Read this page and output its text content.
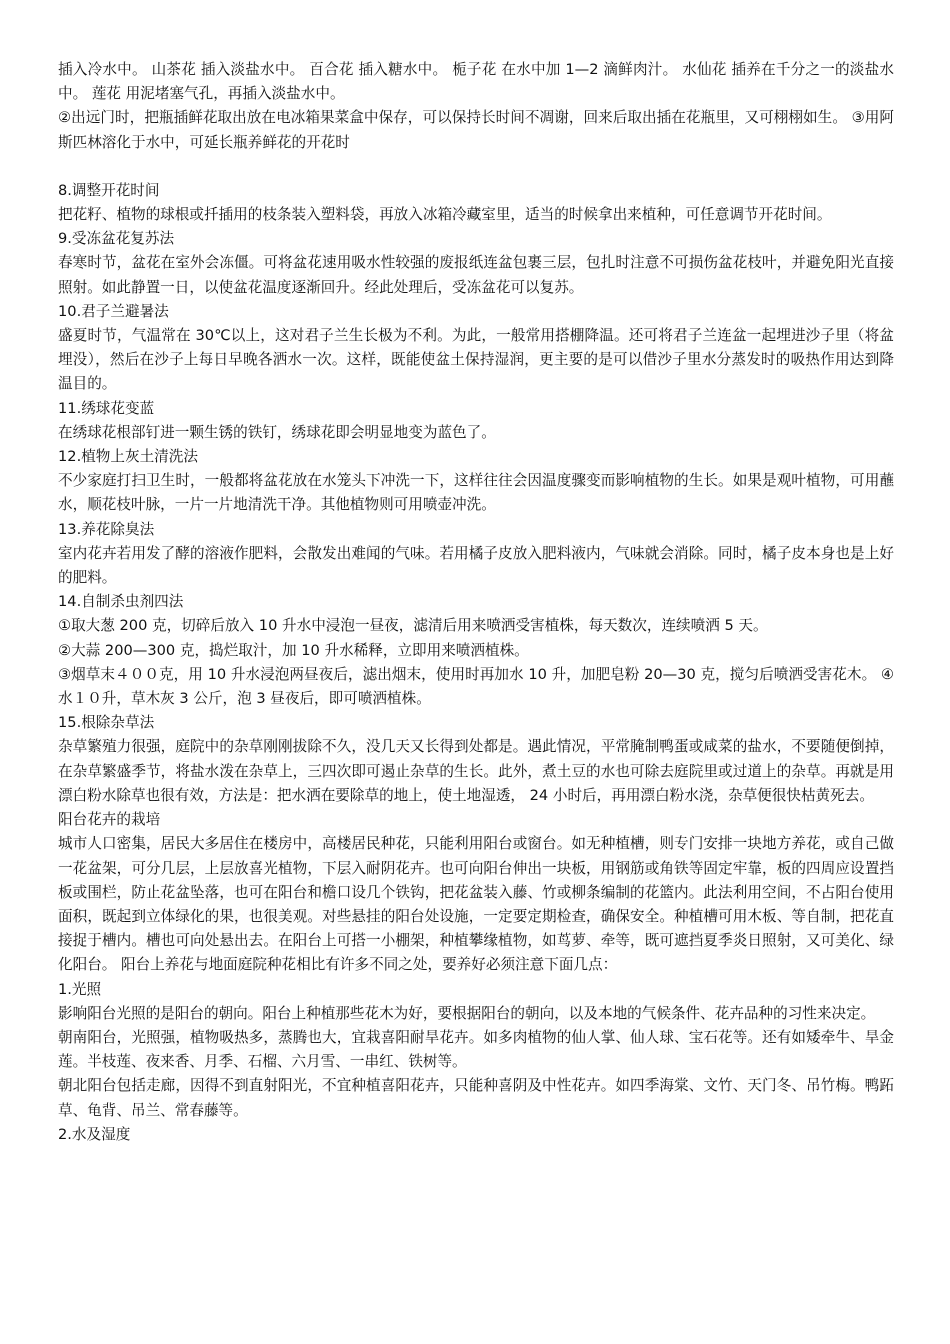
插入冷水中。 山茶花 插入淡盐水中。 百合花 插入糖水中。 栀子花 在水中加 1—2 滴鲜肉汁。 水仙花 插养在千分之一的淡盐水中。 莲花 用泥堵塞气孔，再插入淡盐水中。

②出远门时，把瓶插鲜花取出放在电冰箱果菜盒中保存，可以保持长时间不凋谢，回来后取出插在花瓶里，又可栩栩如生。 ③用阿斯匹林溶化于水中，可延长瓶养鲜花的开花时

8.调整开花时间

把花籽、植物的球根或扦插用的枝条装入塑料袋，再放入冰箱冷藏室里，适当的时候拿出来植种，可任意调节开花时间。

9.受冻盆花复苏法

春寒时节，盆花在室外会冻僵。可将盆花速用吸水性较强的废报纸连盆包裹三层，包扎时注意不可损伤盆花枝叶，并避免阳光直接照射。如此静置一日，以使盆花温度逐渐回升。经此处理后，受冻盆花可以复苏。

10.君子兰避暑法

盛夏时节，气温常在 30℃以上，这对君子兰生长极为不利。为此，一般常用搭棚降温。还可将君子兰连盆一起埋进沙子里（将盆埋没），然后在沙子上每日早晚各洒水一次。这样，既能使盆土保持湿润，更主要的是可以借沙子里水分蒸发时的吸热作用达到降温目的。

11.绣球花变蓝

在绣球花根部钉进一颗生锈的铁钉，绣球花即会明显地变为蓝色了。

12.植物上灰土清洗法

不少家庭打扫卫生时，一般都将盆花放在水笼头下冲洗一下，这样往往会因温度骤变而影响植物的生长。如果是观叶植物，可用蘸水，顺花枝叶脉，一片一片地清洗干净。其他植物则可用喷壶冲洗。

13.养花除臭法

室内花卉若用发了酵的溶液作肥料，会散发出难闻的气味。若用橘子皮放入肥料液内，气味就会消除。同时，橘子皮本身也是上好的肥料。

14.自制杀虫剂四法

①取大葱 200 克，切碎后放入 10 升水中浸泡一昼夜，滤清后用来喷洒受害植株，每天数次，连续喷洒 5 天。

②大蒜 200—300 克，捣烂取汁，加 10 升水稀释，立即用来喷洒植株。

③烟草末４００克，用 10 升水浸泡两昼夜后，滤出烟末，使用时再加水 10 升，加肥皂粉 20—30 克，搅匀后喷洒受害花木。 ④水１０升，草木灰 3 公斤，泡 3 昼夜后，即可喷洒植株。

15.根除杂草法

杂草繁殖力很强，庭院中的杂草刚刚拔除不久，没几天又长得到处都是。遇此情况，平常腌制鸭蛋或咸菜的盐水，不要随便倒掉，在杂草繁盛季节，将盐水泼在杂草上，三四次即可遏止杂草的生长。此外，煮土豆的水也可除去庭院里或过道上的杂草。再就是用漂白粉水除草也很有效，方法是：把水洒在要除草的地上，使土地湿透， 24 小时后，再用漂白粉水浇，杂草便很快枯黄死去。

阳台花卉的栽培

城市人口密集，居民大多居住在楼房中，高楼居民种花，只能利用阳台或窗台。如无种植槽，则专门安排一块地方养花，或自己做一花盆架，可分几层，上层放喜光植物，下层入耐阴花卉。也可向阳台伸出一块板，用钢筋或角铁等固定牢靠，板的四周应设置挡板或围栏，防止花盆坠落，也可在阳台和檐口设几个铁钩，把花盆装入藤、竹或柳条编制的花篮内。此法利用空间，不占阳台使用面积，既起到立体绿化的果，也很美观。对些悬挂的阳台处设施，一定要定期检查，确保安全。种植槽可用木板、等自制，把花直接捉于槽内。槽也可向处悬出去。在阳台上可搭一小棚架，种植攀缘植物，如茑萝、牵等，既可遮挡夏季炎日照射，又可美化、绿化阳台。 阳台上养花与地面庭院种花相比有许多不同之处，要养好必须注意下面几点：

1.光照

影响阳台光照的是阳台的朝向。阳台上种植那些花木为好，要根据阳台的朝向，以及本地的气候条件、花卉品种的习性来决定。

朝南阳台，光照强，植物吸热多，蒸腾也大，宜栽喜阳耐旱花卉。如多肉植物的仙人掌、仙人球、宝石花等。还有如矮牵牛、旱金莲。半枝莲、夜来香、月季、石榴、六月雪、一串红、铁树等。

朝北阳台包括走廊，因得不到直射阳光，不宜种植喜阳花卉，只能种喜阴及中性花卉。如四季海棠、文竹、天门冬、吊竹梅。鸭跖草、龟背、吊兰、常春藤等。

2.水及湿度
